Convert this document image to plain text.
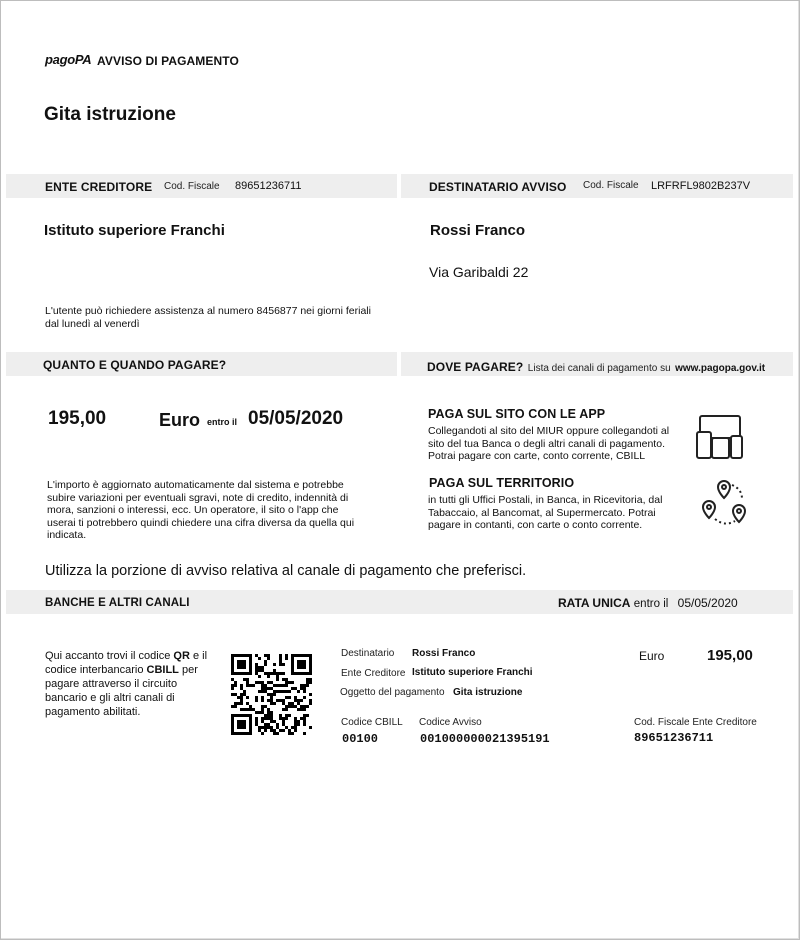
pagoPA AVVISO DI PAGAMENTO
Gita istruzione
ENTE CREDITORE Cod. Fiscale 89651236711	DESTINATARIO AVVISO Cod. Fiscale LRFRFL9802B237V
Istituto superiore Franchi	Rossi Franco
Via Garibaldi 22
L'utente può richiedere assistenza al numero 8456877 nei giorni feriali dal lunedì al venerdì
QUANTO E QUANDO PAGARE?	DOVE PAGARE? Lista dei canali di pagamento su www.pagopa.gov.it
195,00	Euro entro il 05/05/2020
L'importo è aggiornato automaticamente dal sistema e potrebbe subire variazioni per eventuali sgravi, note di credito, indennità di mora, sanzioni o interessi, ecc. Un operatore, il sito o l'app che userai ti potrebbero quindi chiedere una cifra diversa da quella qui indicata.
PAGA SUL SITO CON LE APP
Collegandoti al sito del MIUR oppure collegandoti al sito del tua Banca o degli altri canali di pagamento. Potrai pagare con carte, conto corrente, CBILL
PAGA SUL TERRITORIO
in tutti gli Uffici Postali, in Banca, in Ricevitoria, dal Tabaccaio, al Bancomat, al Supermercato. Potrai pagare in contanti, con carte o conto corrente.
Utilizza la porzione di avviso relativa al canale di pagamento che preferisci.
BANCHE E ALTRI CANALI	RATA UNICA entro il 05/05/2020
Qui accanto trovi il codice QR e il codice interbancario CBILL per pagare attraverso il circuito bancario e gli altri canali di pagamento abilitati.
Destinatario Rossi Franco
Ente Creditore Istituto superiore Franchi
Oggetto del pagamento Gita istruzione
Euro	195,00
Codice CBILL
00100
Codice Avviso
001000000021395191
Cod. Fiscale Ente Creditore
89651236711
